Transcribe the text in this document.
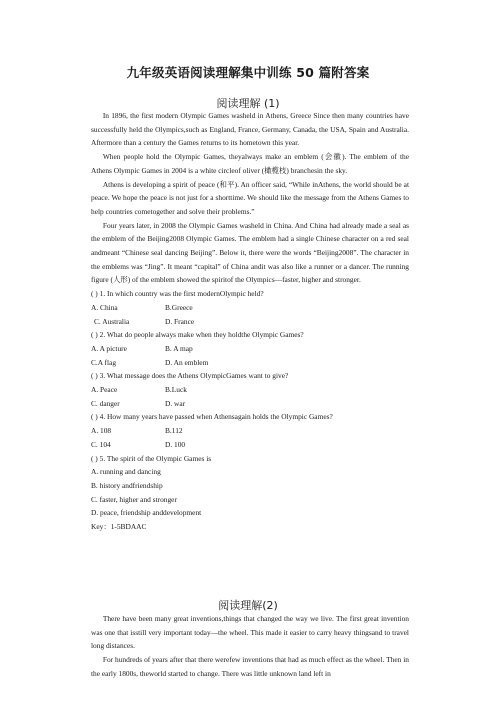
九年级英语阅读理解集中训练 50 篇附答案
阅读理解 (1)

In 1896, the first modern Olympic Games washeld in Athens, Greece Since then many countries have successfully held the Olympics,such as England, France, Germany, Canada, the USA, Spain and Australia. Aftermore than a century the Games returns to its hometown this year.

When people hold the Olympic Games, theyalways make an emblem (会徽). The emblem of the Athens Olympic Games in 2004 is a white circleof oliver (橄榄枝) branchesin the sky.

Athens is developing a spirit of peace (和平). An officer said, “While inAthens, the world should be at peace. We hope the peace is not just for a shorttime. We should like the message from the Athens Games to help countries cometogether and solve their problems.”

Four years later, in 2008 the Olympic Games washeld in China. And China had already made a seal as the emblem of the Beijing2008 Olympic Games. The emblem had a single Chinese character on a red seal andmeant “Chinese seal dancing Beijing”. Below it, there were the words “Beijing2008”. The character in the emblems was “Jing”. It meant “capital” of China andit was also like a runner or a dancer. The running figure (人形) of the emblem showed the spiritof the Olympics—faster, higher and stronger.

( ) 1. In which country was the first modernOlympic held?

A. China	B.Greece

C. Australia	D. France

( ) 2. What do people always make when they holdthe Olympic Games?

A. A picture	B. A map

C.A flag	D. An emblem

( ) 3. What message does the Athens OlympicGames want to give?

A. Peace	B.Luck

C. danger	D. war

( ) 4. How many years have passed when Athensagain holds the Olympic Games?

A. 108	B.112

C. 104	D. 100

( ) 5. The spirit of the Olympic Games is

A. running and dancing

B. history andfriendship

C. faster, higher and stronger

D. peace, friendship anddevelopment

Key：1-5BDAAC

阅读理解(2)

There have been many great inventions,things that changed the way we live. The first great invention was one that isstill very important today—the wheel. This made it easier to carry heavy thingsand to travel long distances.

For hundreds of years after that there werefew inventions that had as much effect as the wheel. Then in the early 1800s, theworld started to change. There was little unknown land left in
